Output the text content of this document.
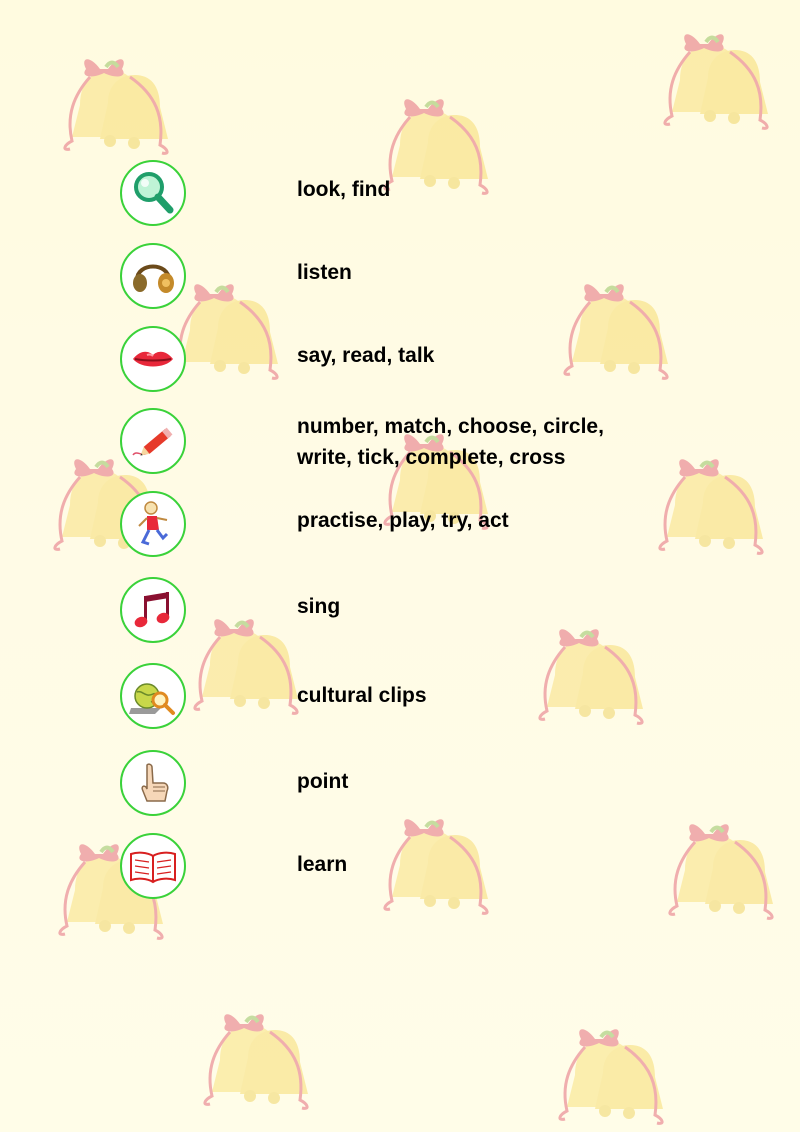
look, find
listen
say, read, talk
number, match, choose, circle,
write, tick, complete, cross
practise, play, try, act
sing
cultural clips
point
learn
